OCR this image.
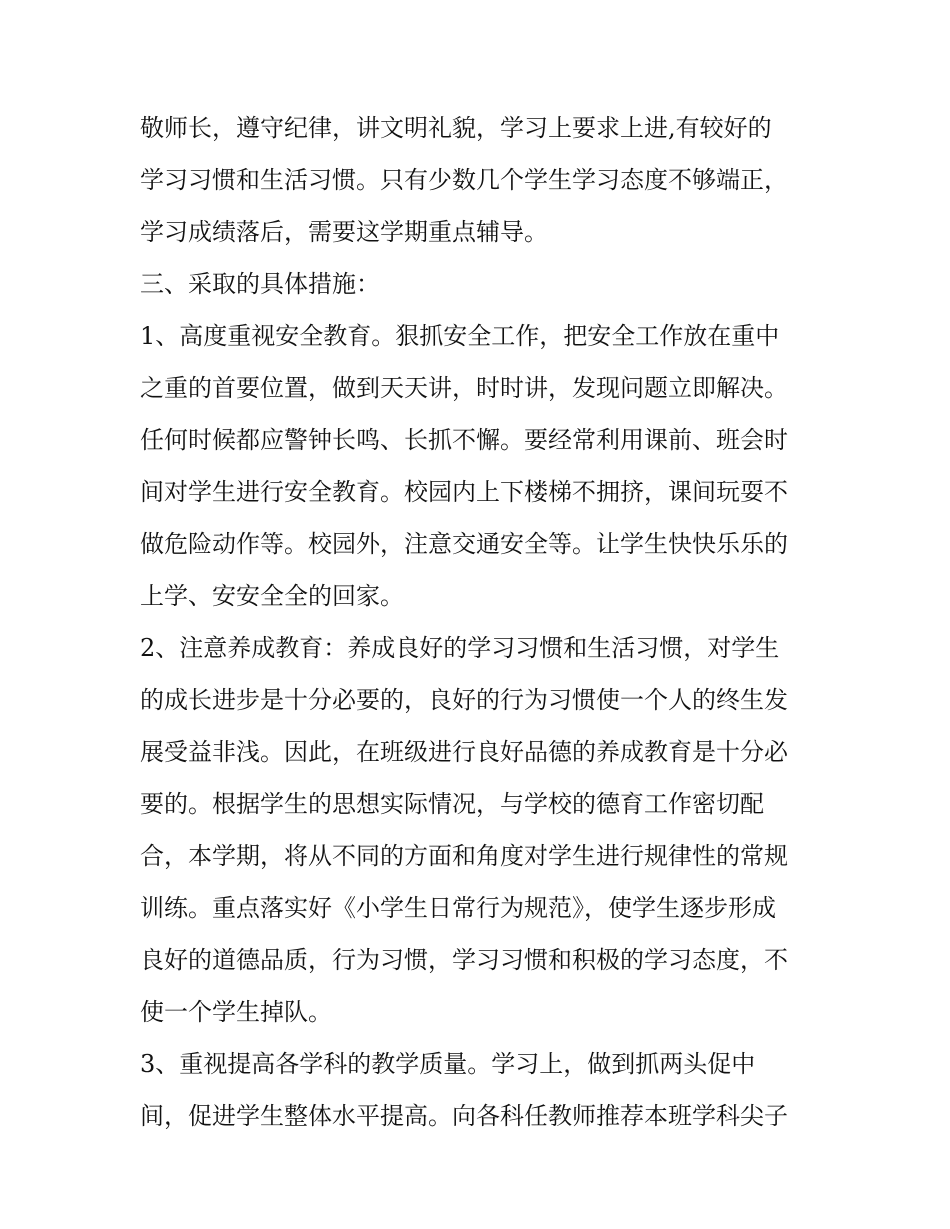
敬师长，遵守纪律，讲文明礼貌，学习上要求上进,有较好的
学习习惯和生活习惯。只有少数几个学生学习态度不够端正，
学习成绩落后，需要这学期重点辅导。
三、采取的具体措施：
1、高度重视安全教育。狠抓安全工作，把安全工作放在重中
之重的首要位置，做到天天讲，时时讲，发现问题立即解决。
任何时候都应警钟长鸣、长抓不懈。要经常利用课前、班会时
间对学生进行安全教育。校园内上下楼梯不拥挤，课间玩耍不
做危险动作等。校园外，注意交通安全等。让学生快快乐乐的
上学、安安全全的回家。
2、注意养成教育：养成良好的学习习惯和生活习惯，对学生
的成长进步是十分必要的，良好的行为习惯使一个人的终生发
展受益非浅。因此，在班级进行良好品德的养成教育是十分必
要的。根据学生的思想实际情况，与学校的德育工作密切配
合，本学期，将从不同的方面和角度对学生进行规律性的常规
训练。重点落实好《小学生日常行为规范》，使学生逐步形成
良好的道德品质，行为习惯，学习习惯和积极的学习态度，不
使一个学生掉队。
3、重视提高各学科的教学质量。学习上，做到抓两头促中
间，促进学生整体水平提高。向各科任教师推荐本班学科尖子
